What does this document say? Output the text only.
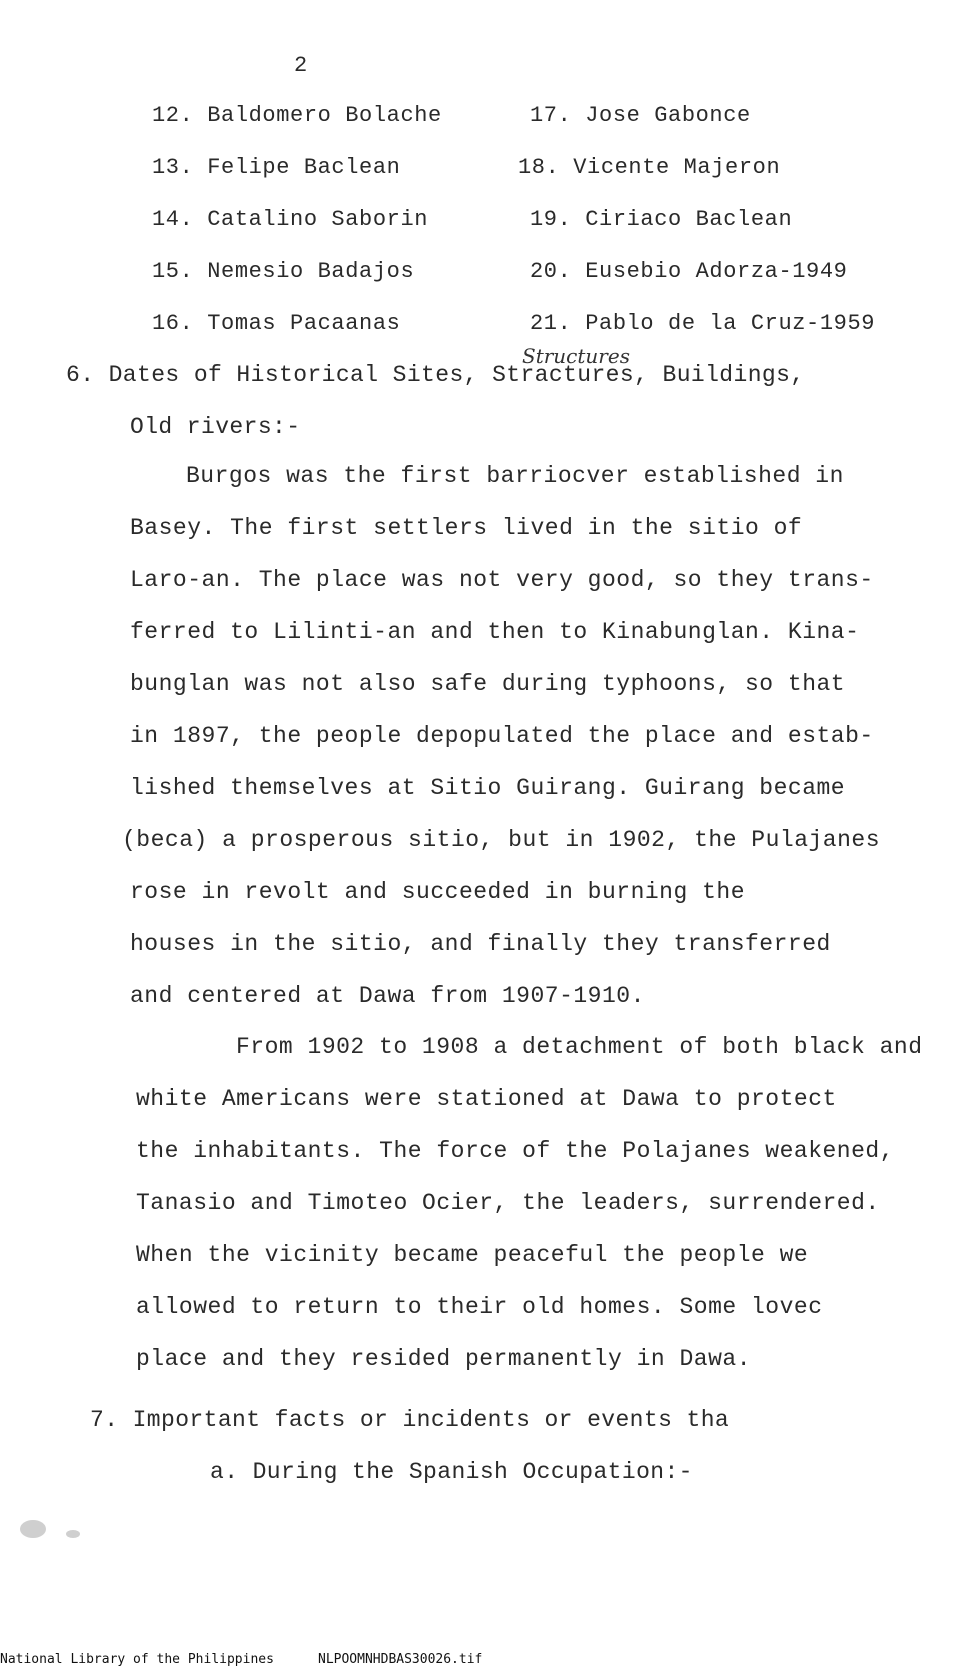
2
12. Baldomero Bolache
13. Felipe Baclean
14. Catalino Saborin
15. Nemesio Badajos
16. Tomas Pacaanas
17. Jose Gabonce
18. Vicente Majeron
19. Ciriaco Baclean
20. Eusebio Adorza-1949
21. Pablo de la Cruz-1959
Structures
6. Dates of Historical Sites, Stractures, Buildings,
Old rivers:-
Burgos was the first barriocver established in
Basey. The first settlers lived in the sitio of
Laro-an. The place was not very good, so they trans-
ferred to Lilinti-an and then to Kinabunglan. Kina-
bunglan was not also safe during typhoons, so that
in 1897, the people depopulated the place and estab-
lished themselves at Sitio Guirang. Guirang became
(beca) a prosperous sitio, but in 1902, the Pulajanes
rose in revolt and succeeded in burning the
houses in the sitio, and finally they transferred
and centered at Dawa from 1907-1910.
From 1902 to 1908 a detachment of both black and
white Americans were stationed at Dawa to protect
the inhabitants. The force of the Polajanes weakened,
Tanasio and Timoteo Ocier, the leaders, surrendered.
When the vicinity became peaceful the people we
allowed to return to their old homes. Some lovec
place and they resided permanently in Dawa.
7. Important facts or incidents or events tha
a. During the Spanish Occupation:-
National Library of the Philippines	NLPOOMNHDBAS30026.tif
